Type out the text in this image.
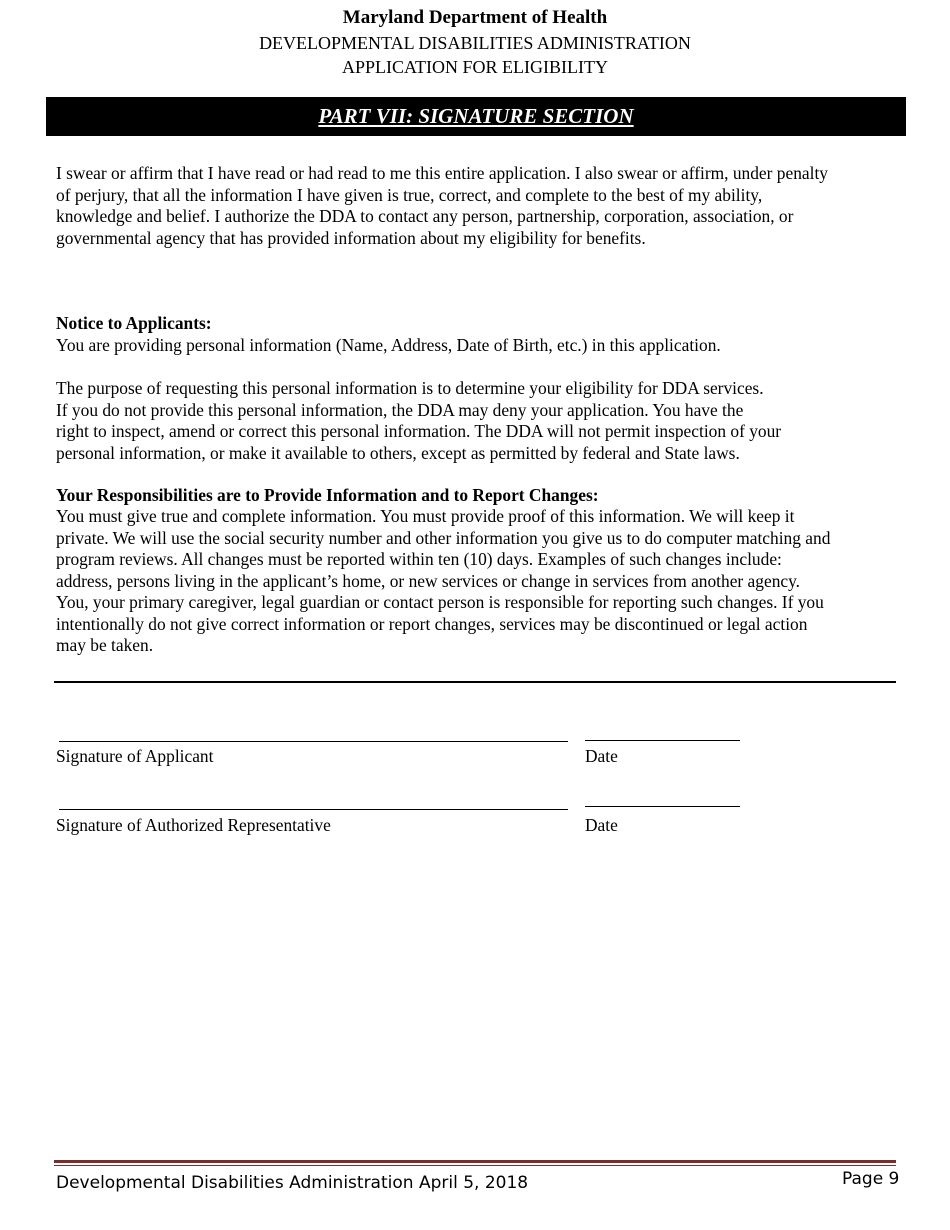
Maryland Department of Health
DEVELOPMENTAL DISABILITIES ADMINISTRATION
APPLICATION FOR ELIGIBILITY
PART VII: SIGNATURE SECTION
I swear or affirm that I have read or had read to me this entire application. I also swear or affirm, under penalty
of perjury, that all the information I have given is true, correct, and complete to the best of my ability,
knowledge and belief. I authorize the DDA to contact any person, partnership, corporation, association, or
governmental agency that has provided information about my eligibility for benefits.
Notice to Applicants:
You are providing personal information (Name, Address, Date of Birth, etc.) in this application.
The purpose of requesting this personal information is to determine your eligibility for DDA services.
If you do not provide this personal information, the DDA may deny your application. You have the
right to inspect, amend or correct this personal information. The DDA will not permit inspection of your
personal information, or make it available to others, except as permitted by federal and State laws.
Your Responsibilities are to Provide Information and to Report Changes:
You must give true and complete information. You must provide proof of this information. We will keep it
private. We will use the social security number and other information you give us to do computer matching and
program reviews. All changes must be reported within ten (10) days. Examples of such changes include:
address, persons living in the applicant’s home, or new services or change in services from another agency.
You, your primary caregiver, legal guardian or contact person is responsible for reporting such changes. If you
intentionally do not give correct information or report changes, services may be discontinued or legal action
may be taken.
Signature of Applicant	Date
Signature of Authorized Representative	Date
Developmental Disabilities Administration April 5, 2018	Page 9
